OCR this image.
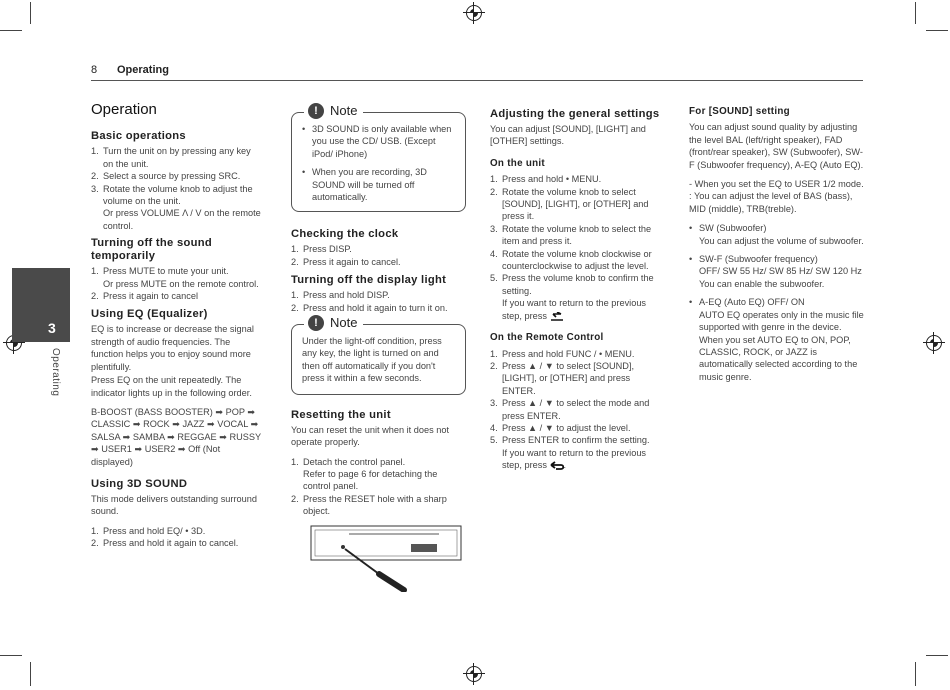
8 Operating
3
Operating
Operation
Basic operations
1. Turn the unit on by pressing any key on the unit.
2. Select a source by pressing SRC.
3. Rotate the volume knob to adjust the volume on the unit.
Or press VOLUME Λ / V on the remote control.
Turning off the sound temporarily
1. Press MUTE to mute your unit.
Or press MUTE on the remote control.
2. Press it again to cancel
Using EQ (Equalizer)
EQ is to increase or decrease the signal strength of audio frequencies. The function helps you to enjoy sound more plentifully.
Press EQ on the unit repeatedly. The indicator lights up in the following order.
B-BOOST (BASS BOOSTER) ➡ POP ➡ CLASSIC ➡ ROCK ➡ JAZZ ➡ VOCAL ➡ SALSA ➡ SAMBA ➡ REGGAE ➡ RUSSY ➡ USER1 ➡ USER2 ➡ Off (Not displayed)
Using 3D SOUND
This mode delivers outstanding surround sound.
1. Press and hold EQ/ • 3D.
2. Press and hold it again to cancel.
! Note
• 3D SOUND is only available when you use the CD/ USB. (Except iPod/ iPhone)
• When you are recording, 3D SOUND will be turned off automatically.
Checking the clock
1. Press DISP.
2. Press it again to cancel.
Turning off the display light
1. Press and hold DISP.
2. Press and hold it again to turn it on.
! Note
Under the light-off condition, press any key, the light is turned on and then off automatically if you don't press it within a few seconds.
Resetting the unit
You can reset the unit when it does not operate properly.
1. Detach the control panel.
Refer to page 6 for detaching the control panel.
2. Press the RESET hole with a sharp object.
Adjusting the general settings
You can adjust [SOUND], [LIGHT] and [OTHER] settings.
On the unit
1. Press and hold • MENU.
2. Rotate the volume knob to select [SOUND], [LIGHT], or [OTHER] and press it.
3. Rotate the volume knob to select the item and press it.
4. Rotate the volume knob clockwise or counterclockwise to adjust the level.
5. Press the volume knob to confirm the setting.
If you want to return to the previous step, press
On the Remote Control
1. Press and hold FUNC / • MENU.
2. Press ▲ / ▼ to select [SOUND], [LIGHT], or [OTHER] and press ENTER.
3. Press ▲ / ▼ to select the mode and press ENTER.
4. Press ▲ / ▼ to adjust the level.
5. Press ENTER to confirm the setting.
If you want to return to the previous step, press .
For [SOUND] setting
You can adjust sound quality by adjusting the level BAL (left/right speaker), FAD (front/rear speaker), SW (Subwoofer), SW-F (Subwoofer frequency), A-EQ (Auto EQ).
- When you set the EQ to USER 1/2 mode. : You can adjust the level of BAS (bass), MID (middle), TRB(treble).
• SW (Subwoofer)
You can adjust the volume of subwoofer.
• SW-F (Subwoofer frequency)
OFF/ SW 55 Hz/ SW 85 Hz/ SW 120 Hz
You can enable the subwoofer.
• A-EQ (Auto EQ) OFF/ ON
AUTO EQ operates only in the music file supported with genre in the device. When you set AUTO EQ to ON, POP, CLASSIC, ROCK, or JAZZ is automatically selected according to the music genre.
